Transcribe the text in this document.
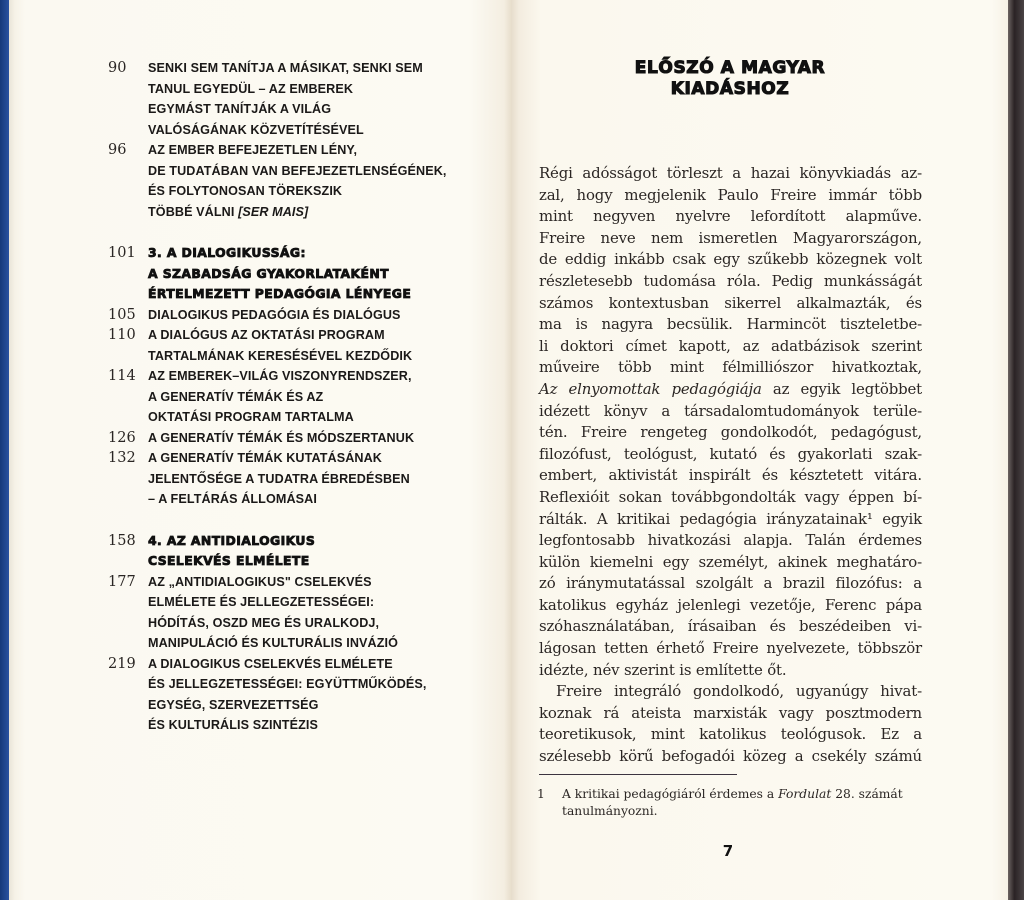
90	SENKI SEM TANÍTJA A MÁSIKAT, SENKI SEM
TANUL EGYEDÜL – AZ EMBEREK
EGYMÁST TANÍTJÁK A VILÁG
VALÓSÁGÁNAK KÖZVETÍTÉSÉVEL
96	AZ EMBER BEFEJEZETLEN LÉNY,
DE TUDATÁBAN VAN BEFEJEZETLENSÉGÉNEK,
ÉS FOLYTONOSAN TÖREKSZIK
TÖBBÉ VÁLNI [SER MAIS]
101 3. A DIALOGIKUSSÁG:
A SZABADSÁG GYAKORLATAKÉNT
ÉRTELMEZETT PEDAGÓGIA LÉNYEGE
105 DIALOGIKUS PEDAGÓGIA ÉS DIALÓGUS
110 A DIALÓGUS AZ OKTATÁSI PROGRAM
TARTALMÁNAK KERESÉSÉVEL KEZDŐDIK
114 AZ EMBEREK–VILÁG VISZONYRENDSZER,
A GENERATÍV TÉMÁK ÉS AZ
OKTATÁSI PROGRAM TARTALMA
126 A GENERATÍV TÉMÁK ÉS MÓDSZERTANUK
132 A GENERATÍV TÉMÁK KUTATÁSÁNAK
JELENTŐSÉGE A TUDATRA ÉBREDÉSBEN
– A FELTÁRÁS ÁLLOMÁSAI
158 4. AZ ANTIDIALOGIKUS
CSELEKVÉS ELMÉLETE
177 AZ „ANTIDIALOGIKUS" CSELEKVÉS
ELMÉLETE ÉS JELLEGZETESSÉGEI:
HÓDÍTÁS, OSZD MEG ÉS URALKODJ,
MANIPULÁCIÓ ÉS KULTURÁLIS INVÁZIÓ
219 A DIALOGIKUS CSELEKVÉS ELMÉLETE
ÉS JELLEGZETESSÉGEI: EGYÜTTMŰKÖDÉS,
EGYSÉG, SZERVEZETTSÉG
ÉS KULTURÁLIS SZINTÉZIS
ELŐSZÓ A MAGYAR
KIADÁSHOZ
Régi adósságot törleszt a hazai könyvkiadás az-
zal, hogy megjelenik Paulo Freire immár több
mint negyven nyelvre lefordított alapműve.
Freire neve nem ismeretlen Magyarországon,
de eddig inkább csak egy szűkebb közegnek volt
részletesebb tudomása róla. Pedig munkásságát
számos kontextusban sikerrel alkalmazták, és
ma is nagyra becsülik. Harmincöt tiszteletbe-
li doktori címet kapott, az adatbázisok szerint
műveire több mint félmilliószor hivatkoztak,
Az elnyomottak pedagógiája az egyik legtöbbet
idézett könyv a társadalomtudományok terüle-
tén. Freire rengeteg gondolkodót, pedagógust,
filozófust, teológust, kutató és gyakorlati szak-
embert, aktivistát inspirált és késztetett vitára.
Reflexióit sokan továbbgondolták vagy éppen bí-
rálták. A kritikai pedagógia irányzatainak¹ egyik
legfontosabb hivatkozási alapja. Talán érdemes
külön kiemelni egy személyt, akinek meghatáro-
zó iránymutatással szolgált a brazil filozófus: a
katolikus egyház jelenlegi vezetője, Ferenc pápa
szóhasználatában, írásaiban és beszédeiben vi-
lágosan tetten érhető Freire nyelvezete, többször
idézte, név szerint is említette őt.
Freire integráló gondolkodó, ugyanúgy hivat-
koznak rá ateista marxisták vagy posztmodern
teoretikusok, mint katolikus teológusok. Ez a
szélesebb körű befogadói közeg a csekély számú
1	A kritikai pedagógiáról érdemes a Fordulat 28. számát tanulmányozni.
7
